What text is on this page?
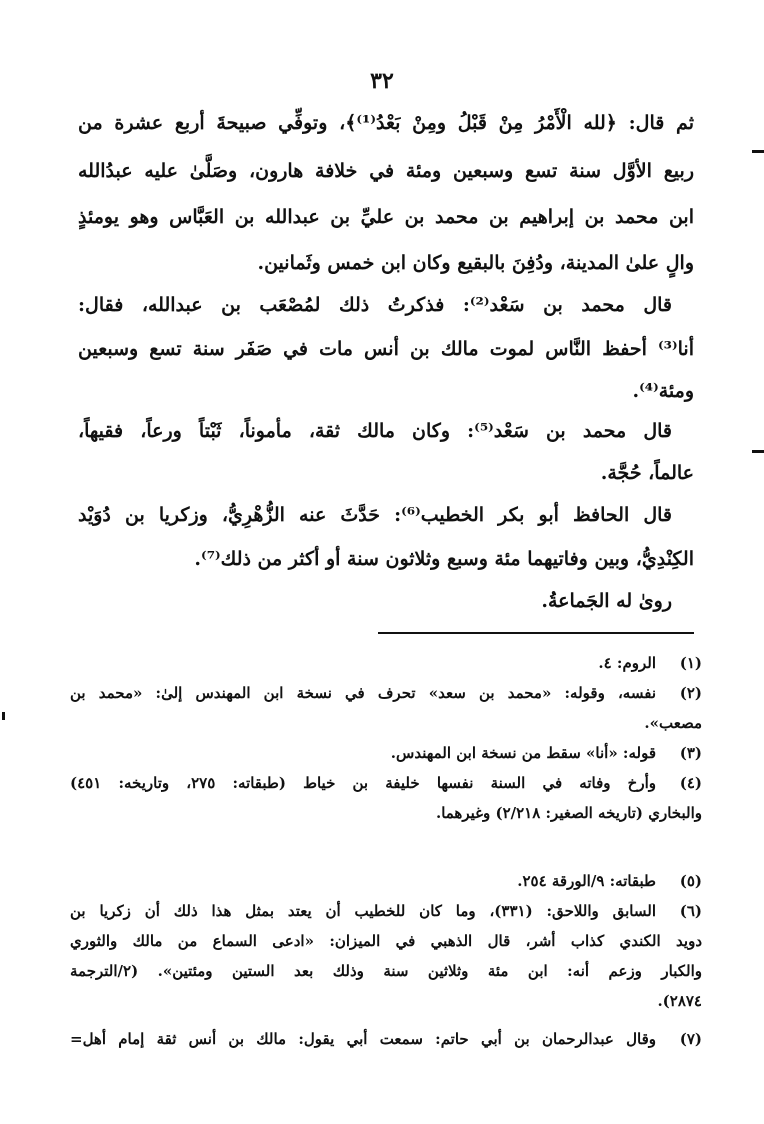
٣٢
ثم قال: ﴿لله الْأَمْرُ مِنْ قَبْلُ ومِنْ بَعْدُ⁽¹⁾﴾، وتوفِّي صبيحةَ أربع عشرة من
ربيع الأوَّل سنة تسع وسبعين ومئة في خلافة هارون، وصَلَّىٰ عليه عبدُالله
ابن محمد بن إبراهيم بن محمد بن عليِّ بن عبدالله بن العَبَّاس وهو يومئذٍ
والٍ علىٰ المدينة، ودُفِنَ بالبقيع وكان ابن خمس وثَمانين.
قال محمد بن سَعْد⁽²⁾: فذكرتُ ذلك لمُصْعَب بن عبدالله، فقال:
أنا⁽³⁾ أحفظ النَّاس لموت مالك بن أنس مات في صَفَر سنة تسع وسبعين
ومئة⁽⁴⁾.
قال محمد بن سَعْد⁽⁵⁾: وكان مالك ثقة، مأموناً، ثَبْتاً ورعاً، فقيهاً،
عالماً، حُجَّة.
قال الحافظ أبو بكر الخطيب⁽⁶⁾: حَدَّثَ عنه الزُّهْرِيُّ، وزكريا بن دُوَيْد
الكِنْدِيُّ، وبين وفاتيهما مئة وسبع وثلاثون سنة أو أكثر من ذلك⁽⁷⁾.
روىٰ له الجَماعةُ.
(١)
الروم: ٤.
(٢)
نفسه، وقوله: «محمد بن سعد» تحرف في نسخة ابن المهندس إلىٰ: «محمد بن
مصعب».
(٣)
قوله: «أنا» سقط من نسخة ابن المهندس.
(٤)
وأرخ وفاته في السنة نفسها خليفة بن خياط (طبقاته: ٢٧٥، وتاريخه: ٤٥١)
والبخاري (تاريخه الصغير: ٢/٢١٨) وغيرهما.
(٥)
طبقاته: ٩/الورقة ٢٥٤.
(٦)
السابق واللاحق: (٣٣١)، وما كان للخطيب أن يعتد بمثل هذا ذلك أن زكريا بن
دويد الكندي كذاب أشر، قال الذهبي في الميزان: «ادعى السماع من مالك والثوري
والكبار وزعم أنه: ابن مئة وثلاثين سنة وذلك بعد الستين ومئتين». (٢/الترجمة
٢٨٧٤).
(٧)
وقال عبدالرحمان بن أبي حاتم: سمعت أبي يقول: مالك بن أنس ثقة إمام أهل=
